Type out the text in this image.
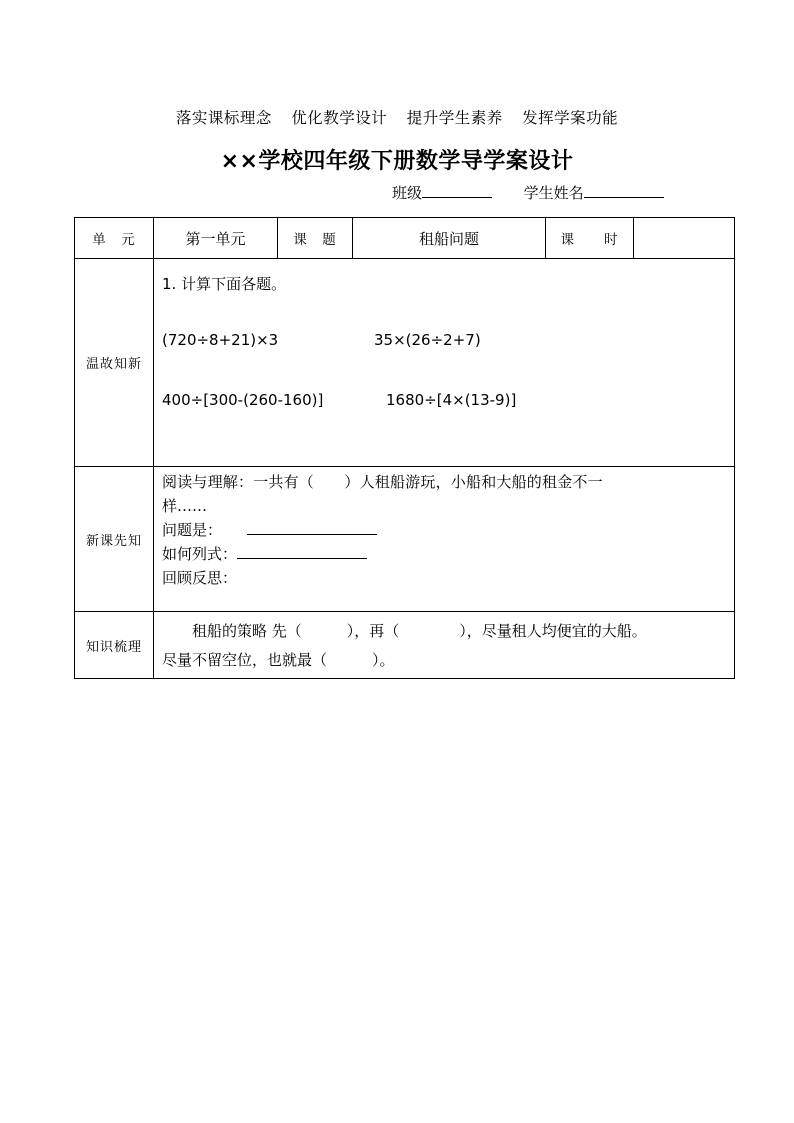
落实课标理念 优化教学设计 提升学生素养 发挥学案功能
××学校四年级下册数学导学案设计
班级	学生姓名
单　元	第一单元	课　题	租船问题	课　　时	
温故知新	1. 计算下面各题。
(720÷8+21)×3 35×(26÷2+7)
400÷[300-(260-160)] 1680÷[4×(13-9)]				

新课先知	阅读与理解：一共有（　　）人租船游玩，小船和大船的租金不一
样……
问题是：
如何列式：
回顾反思：				

知识梳理	　　租船的策略 先（　　　），再（　　　　），尽量租人均便宜的大船。
尽量不留空位，也就最（　　　）。				
